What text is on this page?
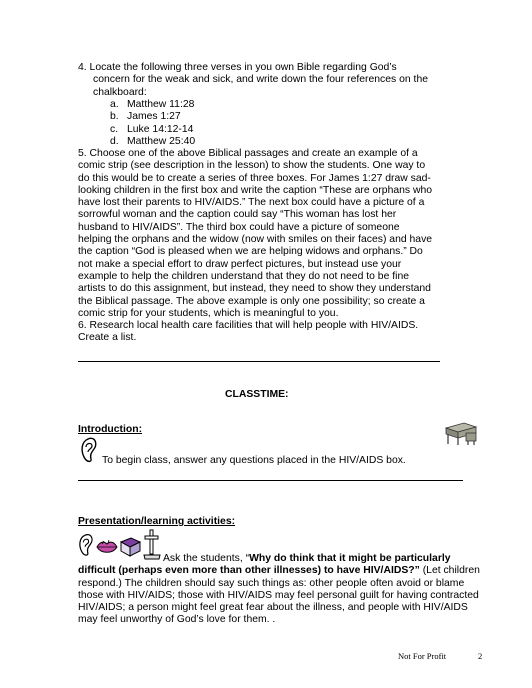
4. Locate the following three verses in you own Bible regarding God’s
concern for the weak and sick, and write down the four references on the
chalkboard:
a. Matthew 11:28
b. James 1:27
c. Luke 14:12-14
d. Matthew 25:40
5. Choose one of the above Biblical passages and create an example of a
comic strip (see description in the lesson) to show the students. One way to
do this would be to create a series of three boxes. For James 1:27 draw sad-
looking children in the first box and write the caption “These are orphans who
have lost their parents to HIV/AIDS.” The next box could have a picture of a
sorrowful woman and the caption could say “This woman has lost her
husband to HIV/AIDS”. The third box could have a picture of someone
helping the orphans and the widow (now with smiles on their faces) and have
the caption “God is pleased when we are helping widows and orphans.” Do
not make a special effort to draw perfect pictures, but instead use your
example to help the children understand that they do not need to be fine
artists to do this assignment, but instead, they need to show they understand
the Biblical passage. The above example is only one possibility; so create a
comic strip for your students, which is meaningful to you.
6. Research local health care facilities that will help people with HIV/AIDS.
Create a list.
CLASSTIME:
Introduction:
To begin class, answer any questions placed in the HIV/AIDS box.
Presentation/learning activities:
Ask the students, “Why do think that it might be particularly
difficult (perhaps even more than other illnesses) to have HIV/AIDS?” (Let children
respond.) The children should say such things as: other people often avoid or blame
those with HIV/AIDS; those with HIV/AIDS may feel personal guilt for having contracted
HIV/AIDS; a person might feel great fear about the illness, and people with HIV/AIDS
may feel unworthy of God’s love for them. .
Not For Profit	2
